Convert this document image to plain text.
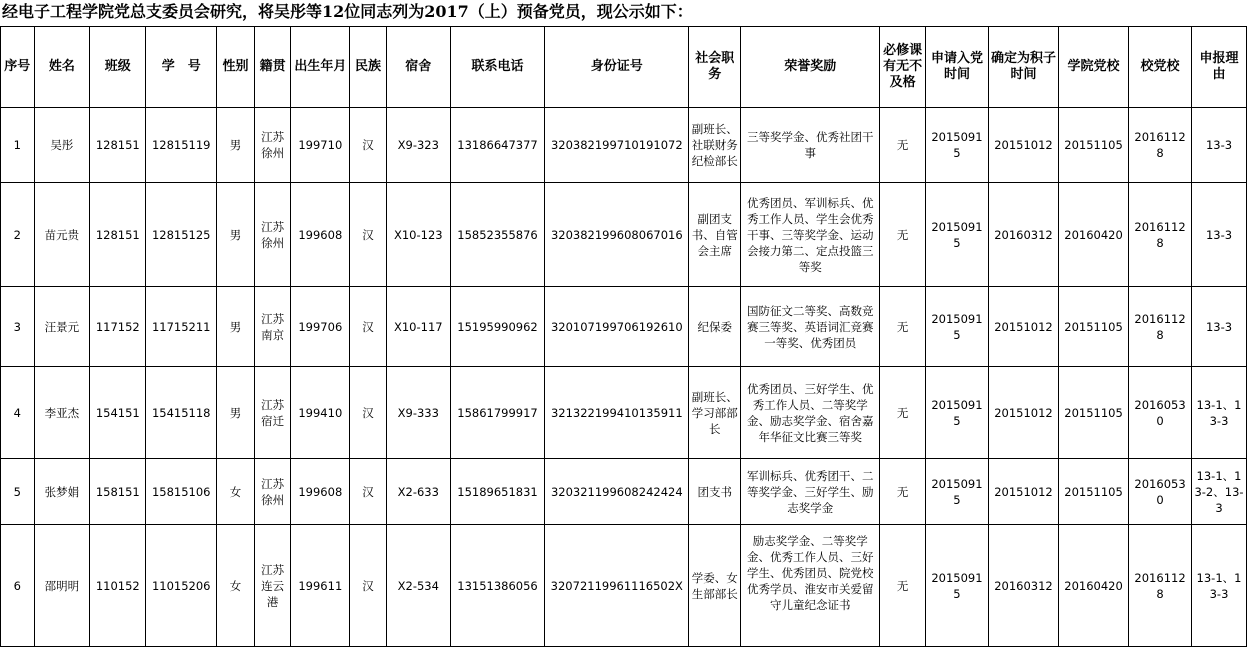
经电子工程学院党总支委员会研究，将吴彤等12位同志列为2017（上）预备党员，现公示如下：
序号	姓名	班级	学　号	性别	籍贯	出生年月	民族	宿舍	联系电话	身份证号	社会职务	荣誉奖励	必修课有无不及格	申请入党时间	确定为积子时间	学院党校	校党校	申报理由
1	吴彤	128151	12815119	男	江苏徐州	199710	汉	X9-323	13186647377	320382199710191072	副班长、社联财务纪检部长	三等奖学金、优秀社团干事	无	20150915	20151012	20151105	20161128	13-3
2	苗元贵	128151	12815125	男	江苏徐州	199608	汉	X10-123	15852355876	320382199608067016	副团支书、自管会主席	优秀团员、军训标兵、优秀工作人员、学生会优秀干事、三等奖学金、运动会接力第二、定点投篮三等奖	无	20150915	20160312	20160420	20161128	13-3
3	汪景元	117152	11715211	男	江苏南京	199706	汉	X10-117	15195990962	320107199706192610	纪保委	国防征文二等奖、高数竞赛三等奖、英语词汇竞赛一等奖、优秀团员	无	20150915	20151012	20151105	20161128	13-3
4	李亚杰	154151	15415118	男	江苏宿迁	199410	汉	X9-333	15861799917	321322199410135911	副班长、学习部部长	优秀团员、三好学生、优秀工作人员、二等奖学金、励志奖学金、宿舍嘉年华征文比赛三等奖	无	20150915	20151012	20151105	20160530	13-1、13-3
5	张梦娟	158151	15815106	女	江苏徐州	199608	汉	X2-633	15189651831	320321199608242424	团支书	军训标兵、优秀团干、二等奖学金、三好学生、励志奖学金	无	20150915	20151012	20151105	20160530	13-1、13-2、13-3
6	邵明明	110152	11015206	女	江苏连云港	199611	汉	X2-534	13151386056	32072119961116502X	学委、女生部部长	励志奖学金、二等奖学金、优秀工作人员、三好学生、优秀团员、院党校优秀学员、淮安市关爱留守儿童纪念证书	无	20150915	20160312	20160420	20161128	13-1、13-3
